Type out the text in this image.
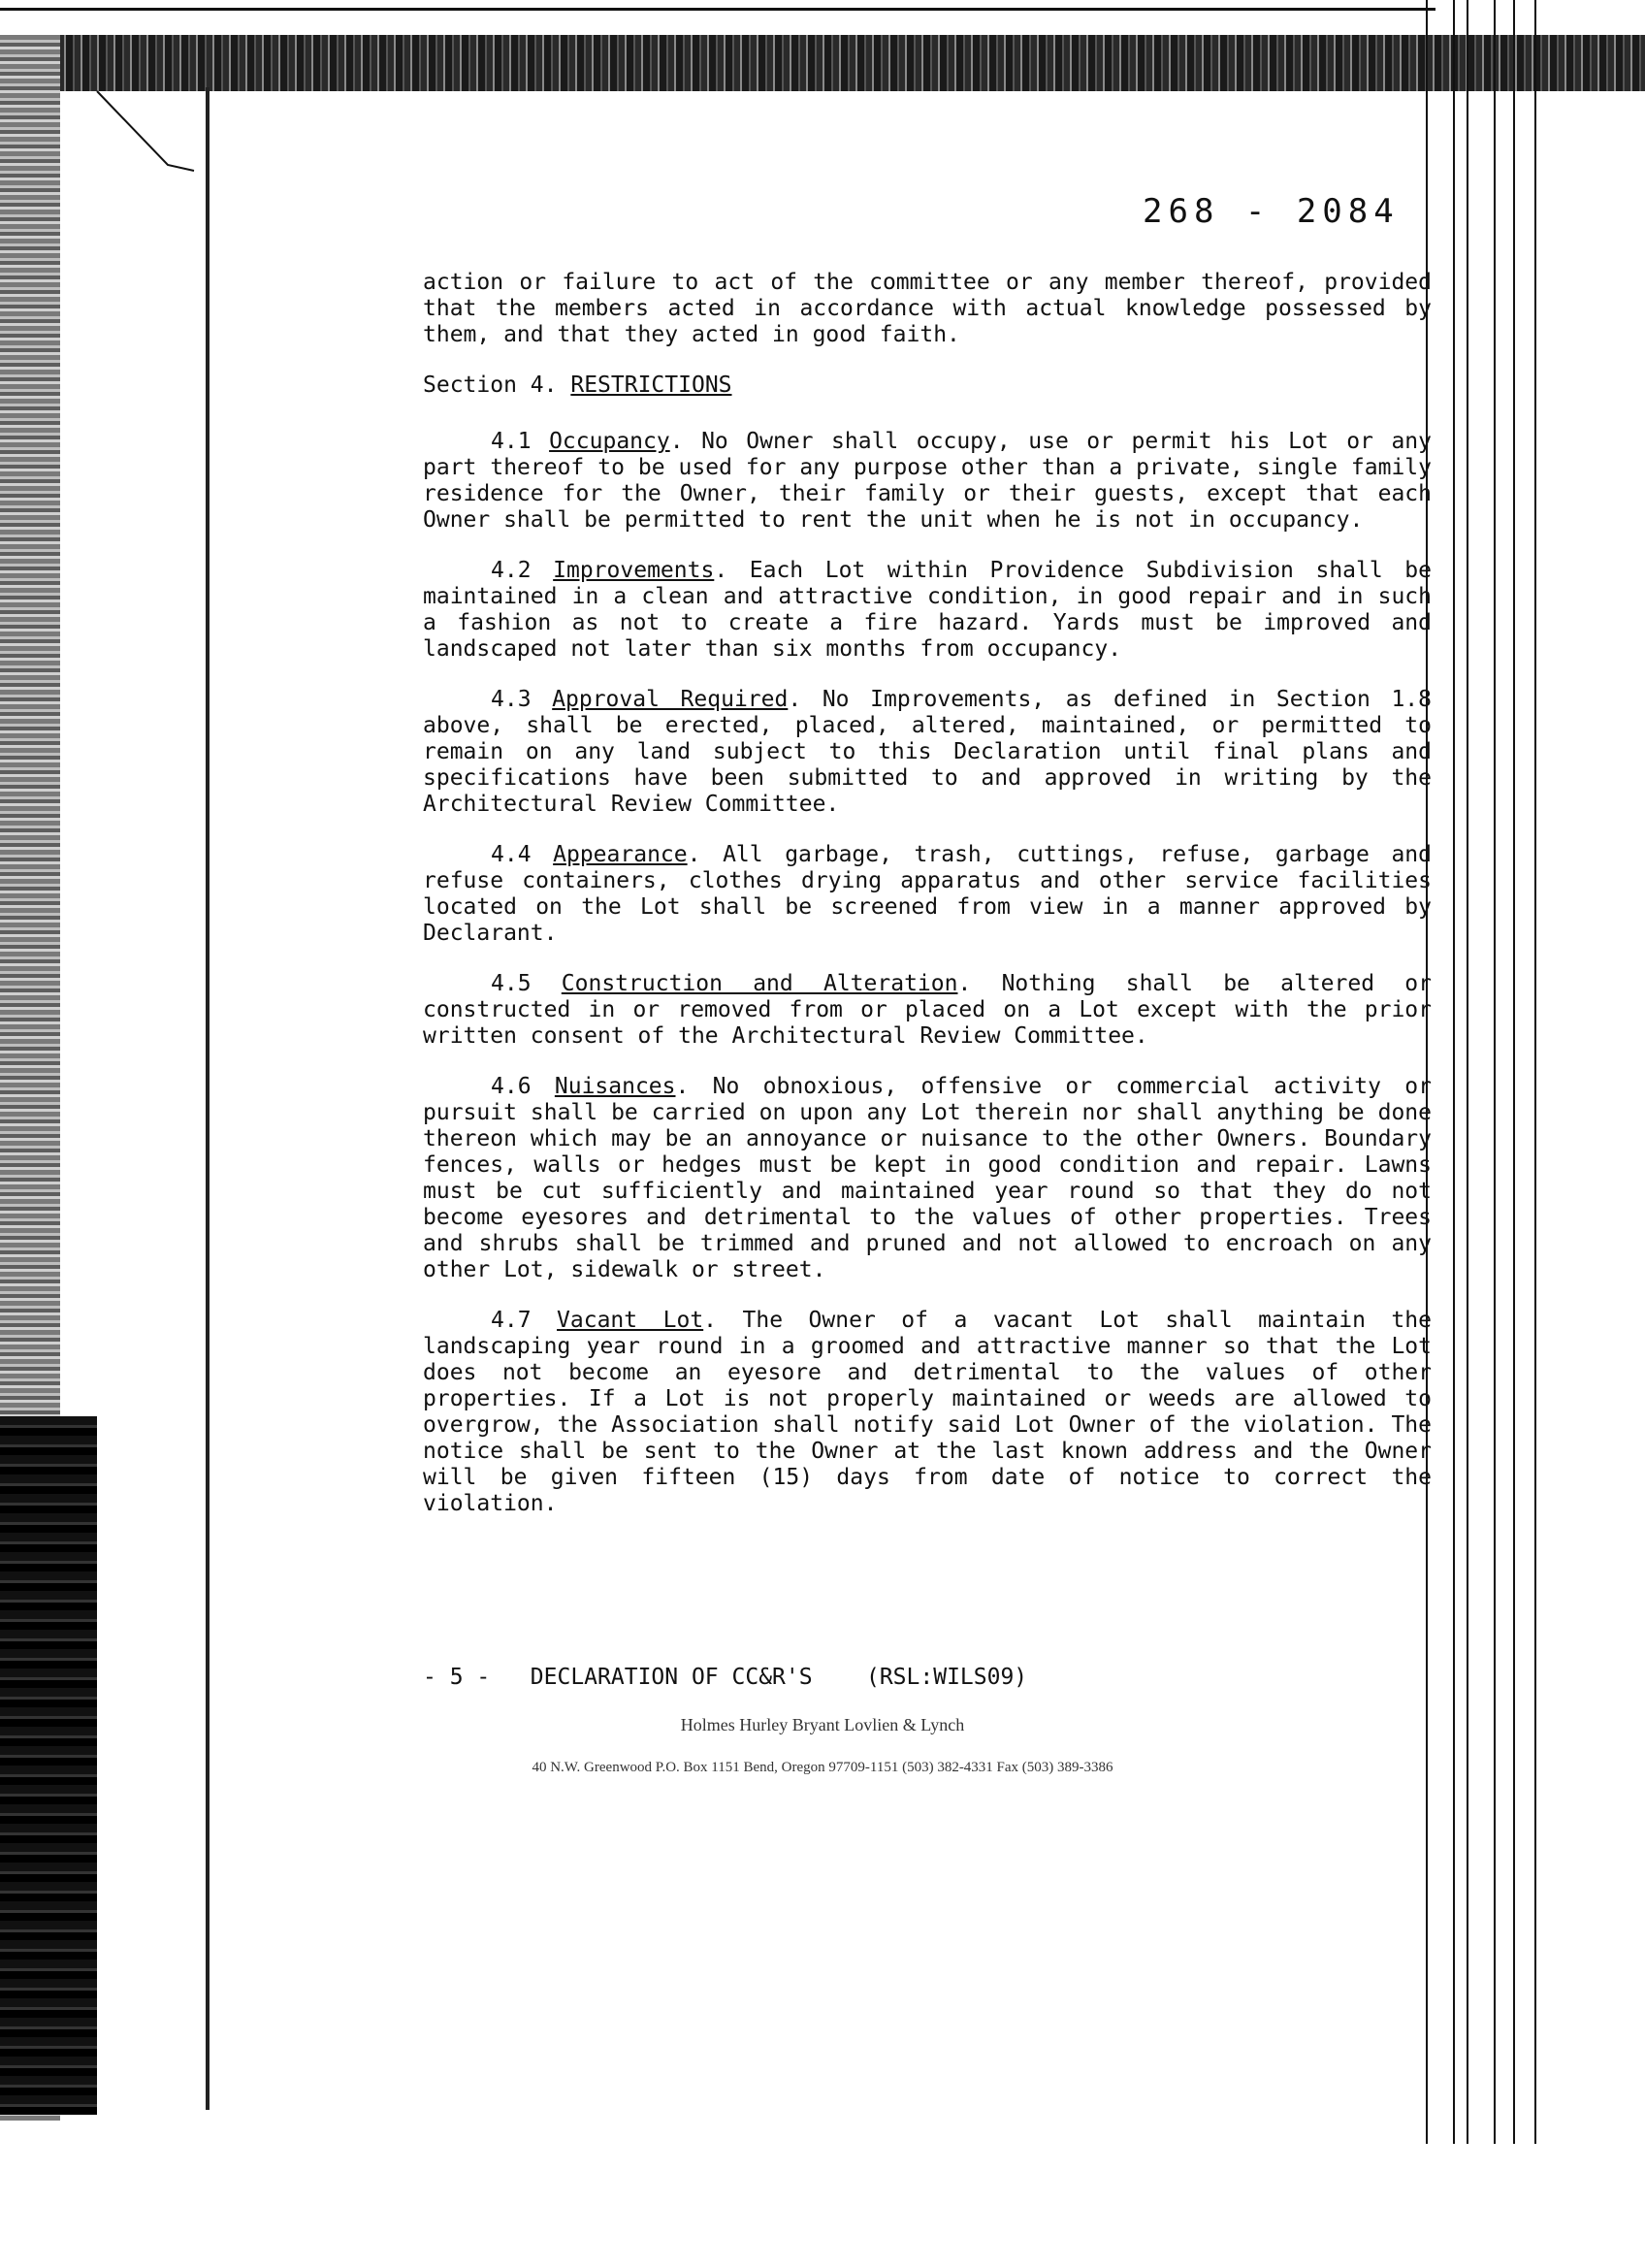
268 - 2084

action or failure to act of the committee or any member thereof, provided that the members acted in accordance with actual knowledge possessed by them, and that they acted in good faith.

Section 4. RESTRICTIONS

4.1 Occupancy. No Owner shall occupy, use or permit his Lot or any part thereof to be used for any purpose other than a private, single family residence for the Owner, their family or their guests, except that each Owner shall be permitted to rent the unit when he is not in occupancy.

4.2 Improvements. Each Lot within Providence Subdivision shall be maintained in a clean and attractive condition, in good repair and in such a fashion as not to create a fire hazard. Yards must be improved and landscaped not later than six months from occupancy.

4.3 Approval Required. No Improvements, as defined in Section 1.8 above, shall be erected, placed, altered, maintained, or permitted to remain on any land subject to this Declaration until final plans and specifications have been submitted to and approved in writing by the Architectural Review Committee.

4.4 Appearance. All garbage, trash, cuttings, refuse, garbage and refuse containers, clothes drying apparatus and other service facilities located on the Lot shall be screened from view in a manner approved by Declarant.

4.5 Construction and Alteration. Nothing shall be altered or constructed in or removed from or placed on a Lot except with the prior written consent of the Architectural Review Committee.

4.6 Nuisances. No obnoxious, offensive or commercial activity or pursuit shall be carried on upon any Lot therein nor shall anything be done thereon which may be an annoyance or nuisance to the other Owners. Boundary fences, walls or hedges must be kept in good condition and repair. Lawns must be cut sufficiently and maintained year round so that they do not become eyesores and detrimental to the values of other properties. Trees and shrubs shall be trimmed and pruned and not allowed to encroach on any other Lot, sidewalk or street.

4.7 Vacant Lot. The Owner of a vacant Lot shall maintain the landscaping year round in a groomed and attractive manner so that the Lot does not become an eyesore and detrimental to the values of other properties. If a Lot is not properly maintained or weeds are allowed to overgrow, the Association shall notify said Lot Owner of the violation. The notice shall be sent to the Owner at the last known address and the Owner will be given fifteen (15) days from date of notice to correct the violation.

- 5 - DECLARATION OF CC&R'S (RSL:WILS09)
Holmes Hurley Bryant Lovlien & Lynch
40 N.W. Greenwood P.O. Box 1151 Bend, Oregon 97709-1151 (503) 382-4331 Fax (503) 389-3386
